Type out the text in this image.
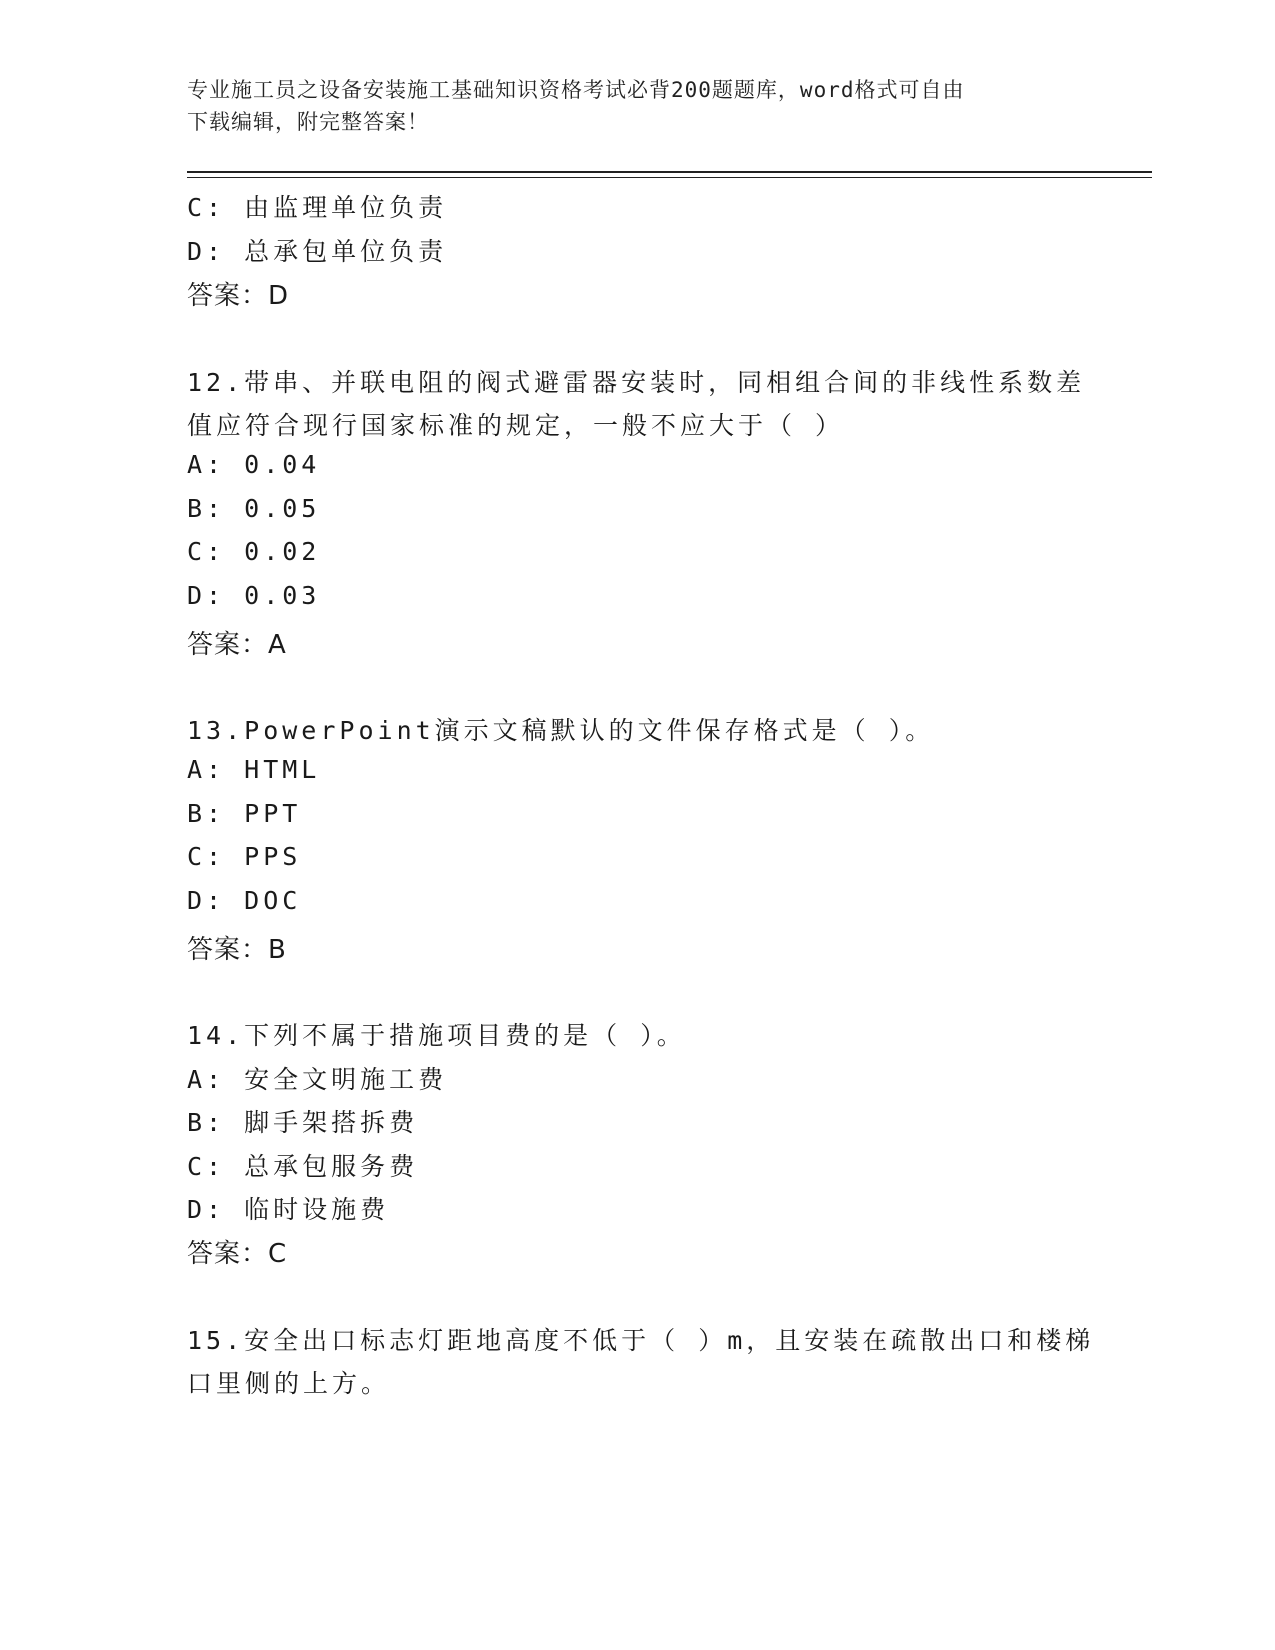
专业施工员之设备安装施工基础知识资格考试必背200题题库，word格式可自由
下载编辑，附完整答案！
C: 由监理单位负责
D: 总承包单位负责
答案：D
12.带串、并联电阻的阀式避雷器安装时，同相组合间的非线性系数差
值应符合现行国家标准的规定，一般不应大于（ ）
A: 0.04
B: 0.05
C: 0.02
D: 0.03
答案：A
13.PowerPoint演示文稿默认的文件保存格式是（ ）。
A: HTML
B: PPT
C: PPS
D: DOC
答案：B
14.下列不属于措施项目费的是（ ）。
A: 安全文明施工费
B: 脚手架搭拆费
C: 总承包服务费
D: 临时设施费
答案：C
15.安全出口标志灯距地高度不低于（ ）m，且安装在疏散出口和楼梯
口里侧的上方。
